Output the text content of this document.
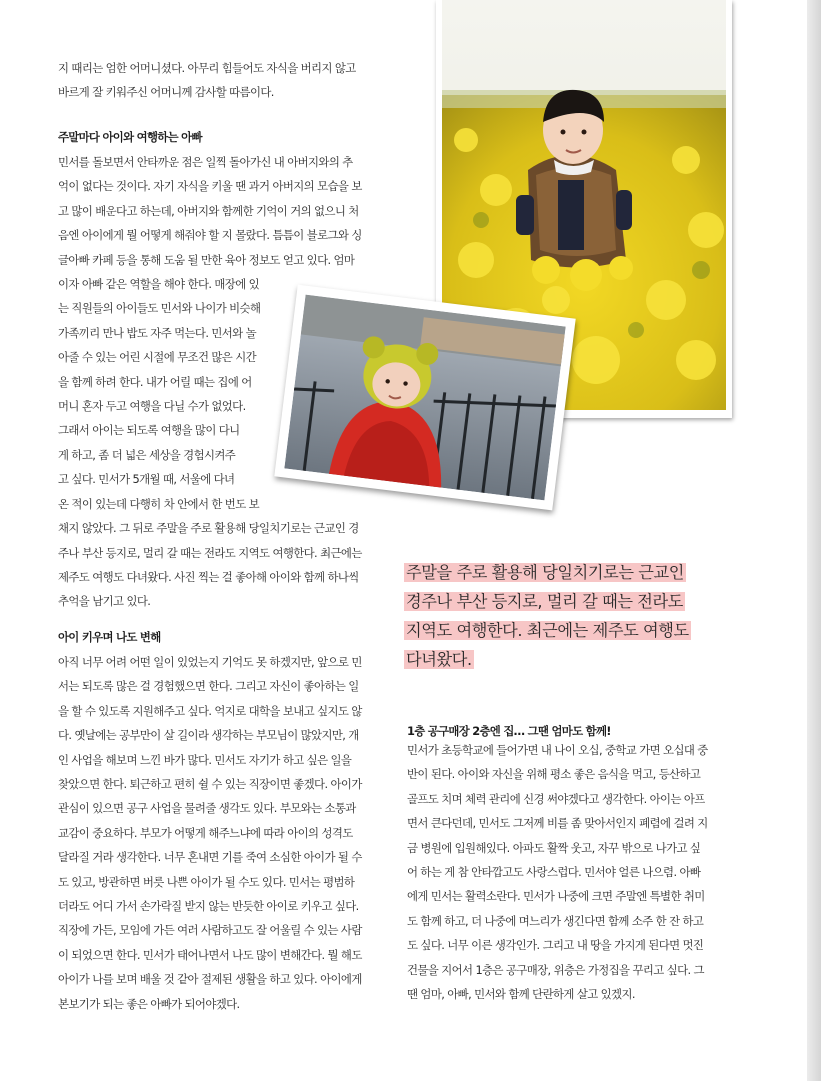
지 때리는 엄한 어머니셨다. 아무리 힘들어도 자식을 버리지 않고
바르게 잘 키워주신 어머니께 감사할 따름이다.

주말마다 아이와 여행하는 아빠

민서를 돌보면서 안타까운 점은 일찍 돌아가신 내 아버지와의 추
억이 없다는 것이다. 자기 자식을 키울 땐 과거 아버지의 모습을 보
고 많이 배운다고 하는데, 아버지와 함께한 기억이 거의 없으니 처
음엔 아이에게 뭘 어떻게 해줘야 할 지 몰랐다. 틈틈이 블로그와 싱
글아빠 카페 등을 통해 도움 될 만한 육아 정보도 얻고 있다. 엄마
이자 아빠 같은 역할을 해야 한다. 매장에 있
는 직원들의 아이들도 민서와 나이가 비슷해
가족끼리 만나 밥도 자주 먹는다. 민서와 놀
아줄 수 있는 어린 시절에 무조건 많은 시간
을 함께 하려 한다. 내가 어릴 때는 집에 어
머니 혼자 두고 여행을 다닐 수가 없었다.
그래서 아이는 되도록 여행을 많이 다니
게 하고, 좀 더 넓은 세상을 경험시켜주
고 싶다. 민서가 5개월 때, 서울에 다녀
온 적이 있는데 다행히 차 안에서 한 번도 보
채지 않았다. 그 뒤로 주말을 주로 활용해 당일치기로는 근교인 경
주나 부산 등지로, 멀리 갈 때는 전라도 지역도 여행한다. 최근에는
제주도 여행도 다녀왔다. 사진 찍는 걸 좋아해 아이와 함께 하나씩
추억을 남기고 있다.

아이 키우며 나도 변해

아직 너무 어려 어떤 일이 있었는지 기억도 못 하겠지만, 앞으로 민
서는 되도록 많은 걸 경험했으면 한다. 그리고 자신이 좋아하는 일
을 할 수 있도록 지원해주고 싶다. 억지로 대학을 보내고 싶지도 않
다. 옛날에는 공부만이 살 길이라 생각하는 부모님이 많았지만, 개
인 사업을 해보며 느낀 바가 많다. 민서도 자기가 하고 싶은 일을
찾았으면 한다. 퇴근하고 편히 쉴 수 있는 직장이면 좋겠다. 아이가
관심이 있으면 공구 사업을 물려줄 생각도 있다. 부모와는 소통과
교감이 중요하다. 부모가 어떻게 해주느냐에 따라 아이의 성격도
달라질 거라 생각한다. 너무 혼내면 기를 죽여 소심한 아이가 될 수
도 있고, 방관하면 버릇 나쁜 아이가 될 수도 있다. 민서는 평범하
더라도 어디 가서 손가락질 받지 않는 반듯한 아이로 키우고 싶다.
직장에 가든, 모임에 가든 여러 사람하고도 잘 어울릴 수 있는 사람
이 되었으면 한다. 민서가 태어나면서 나도 많이 변해간다. 뭘 해도
아이가 나를 보며 배울 것 같아 절제된 생활을 하고 있다. 아이에게
본보기가 되는 좋은 아빠가 되어야겠다.

주말을 주로 활용해 당일치기로는 근교인
경주나 부산 등지로, 멀리 갈 때는 전라도
지역도 여행한다. 최근에는 제주도 여행도
다녀왔다.

1층 공구매장 2층엔 집… 그땐 엄마도 함께!

민서가 초등학교에 들어가면 내 나이 오십, 중학교 가면 오십대 중
반이 된다. 아이와 자신을 위해 평소 좋은 음식을 먹고, 등산하고
골프도 치며 체력 관리에 신경 써야겠다고 생각한다. 아이는 아프
면서 큰다던데, 민서도 그저께 비를 좀 맞아서인지 폐렴에 걸려 지
금 병원에 입원해있다. 아파도 활짝 웃고, 자꾸 밖으로 나가고 싶
어 하는 게 참 안타깝고도 사랑스럽다. 민서야 얼른 나으렴. 아빠
에게 민서는 활력소란다. 민서가 나중에 크면 주말엔 특별한 취미
도 함께 하고, 더 나중에 며느리가 생긴다면 함께 소주 한 잔 하고
도 싶다. 너무 이른 생각인가. 그리고 내 땅을 가지게 된다면 멋진
건물을 지어서 1층은 공구매장, 위층은 가정집을 꾸리고 싶다. 그
땐 엄마, 아빠, 민서와 함께 단란하게 살고 있겠지.
